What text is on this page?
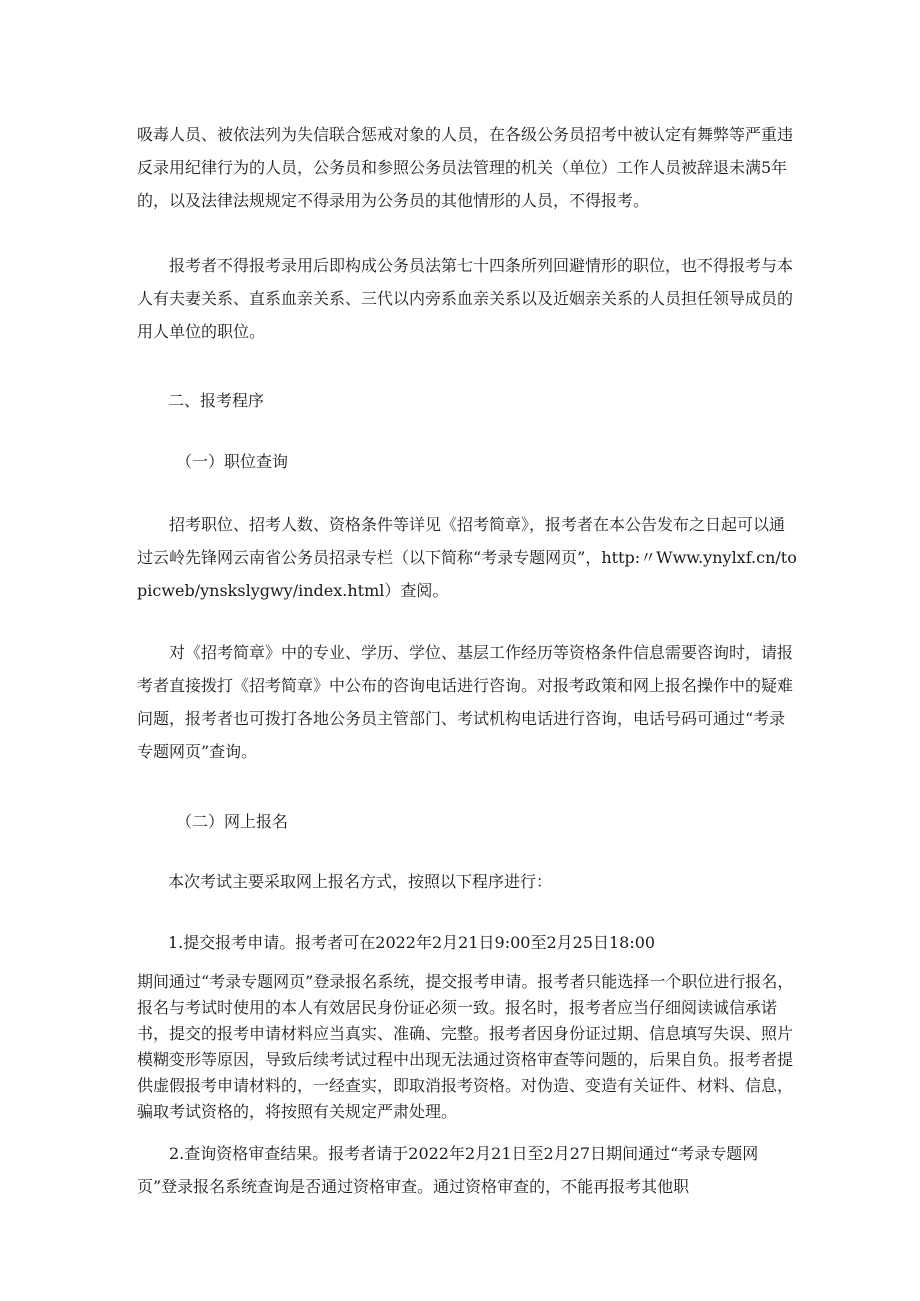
吸毒人员、被依法列为失信联合惩戒对象的人员，在各级公务员招考中被认定有舞弊等严重违反录用纪律行为的人员，公务员和参照公务员法管理的机关（单位）工作人员被辞退未满5年的，以及法律法规规定不得录用为公务员的其他情形的人员，不得报考。

报考者不得报考录用后即构成公务员法第七十四条所列回避情形的职位，也不得报考与本人有夫妻关系、直系血亲关系、三代以内旁系血亲关系以及近姻亲关系的人员担任领导成员的用人单位的职位。

二、报考程序

（一）职位查询

招考职位、招考人数、资格条件等详见《招考简章》，报考者在本公告发布之日起可以通过云岭先锋网云南省公务员招录专栏（以下简称“考录专题网页”，http:〃Www.ynylxf.cn/topicweb/ynskslygwy/index.html）查阅。

对《招考简章》中的专业、学历、学位、基层工作经历等资格条件信息需要咨询时，请报考者直接拨打《招考简章》中公布的咨询电话进行咨询。对报考政策和网上报名操作中的疑难问题，报考者也可拨打各地公务员主管部门、考试机构电话进行咨询，电话号码可通过“考录专题网页”查询。

（二）网上报名

本次考试主要采取网上报名方式，按照以下程序进行：

1.提交报考申请。报考者可在2022年2月21日9:00至2月25日18:00

期间通过“考录专题网页”登录报名系统，提交报考申请。报考者只能选择一个职位进行报名，报名与考试时使用的本人有效居民身份证必须一致。报名时，报考者应当仔细阅读诚信承诺书，提交的报考申请材料应当真实、准确、完整。报考者因身份证过期、信息填写失误、照片模糊变形等原因，导致后续考试过程中出现无法通过资格审查等问题的，后果自负。报考者提供虚假报考申请材料的，一经查实，即取消报考资格。对伪造、变造有关证件、材料、信息，骗取考试资格的，将按照有关规定严肃处理。

2.查询资格审查结果。报考者请于2022年2月21日至2月27日期间通过“考录专题网页”登录报名系统查询是否通过资格审查。通过资格审查的，不能再报考其他职
